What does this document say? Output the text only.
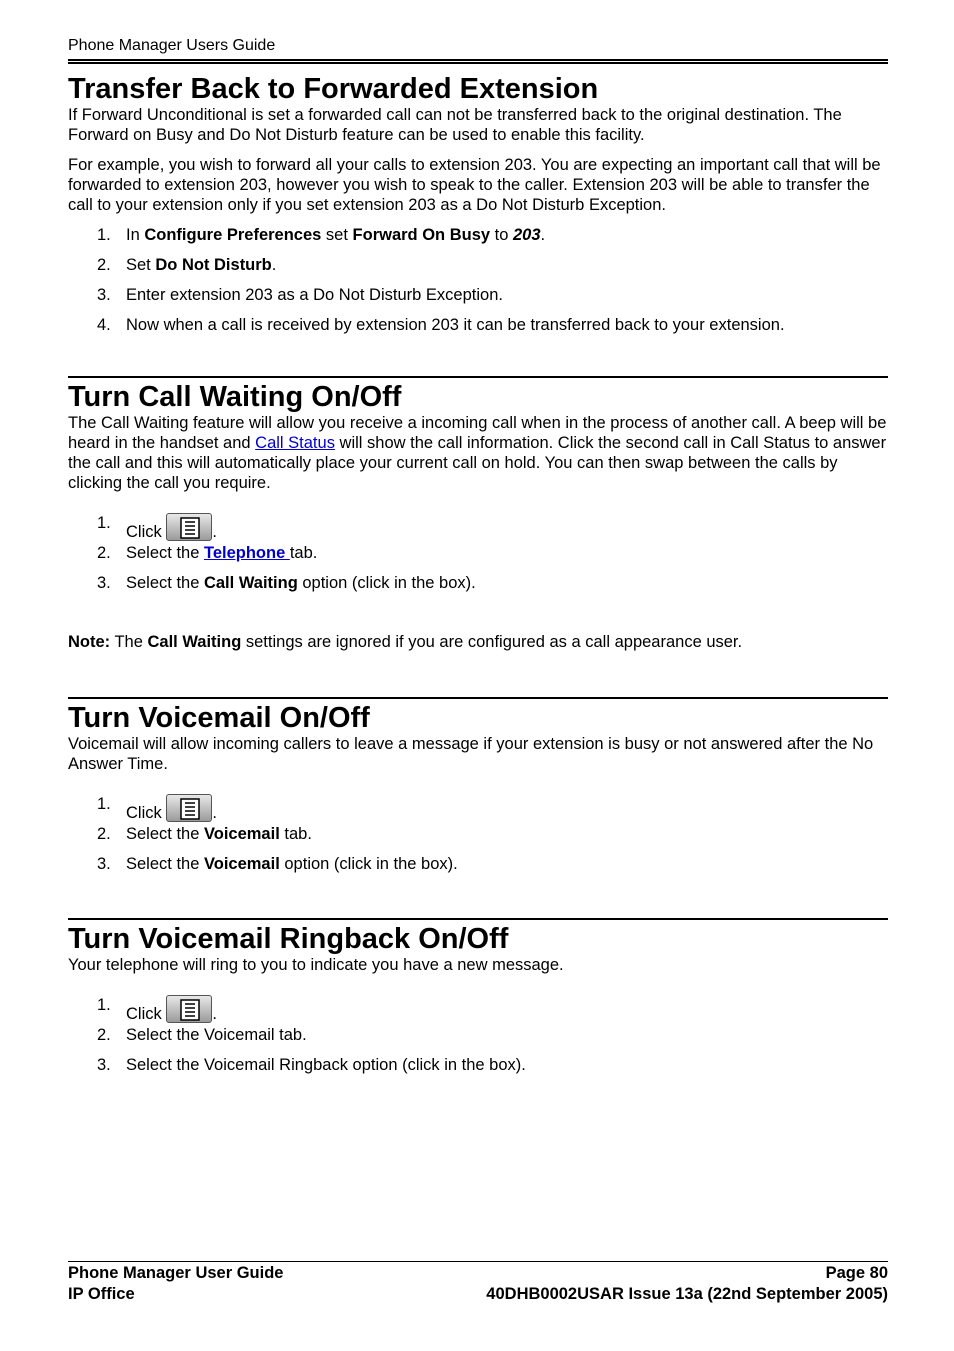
Phone Manager Users Guide
Transfer Back to Forwarded Extension

If Forward Unconditional is set a forwarded call can not be transferred back to the original destination. The Forward on Busy and Do Not Disturb feature can be used to enable this facility.

For example, you wish to forward all your calls to extension 203. You are expecting an important call that will be forwarded to extension 203, however you wish to speak to the caller. Extension 203 will be able to transfer the call to your extension only if you set extension 203 as a Do Not Disturb Exception.

1. In Configure Preferences set Forward On Busy to 203.
2. Set Do Not Disturb.
3. Enter extension 203 as a Do Not Disturb Exception.
4. Now when a call is received by extension 203 it can be transferred back to your extension.
Turn Call Waiting On/Off

The Call Waiting feature will allow you receive a incoming call when in the process of another call. A beep will be heard in the handset and Call Status will show the call information. Click the second call in Call Status to answer the call and this will automatically place your current call on hold. You can then swap between the calls by clicking the call you require.

1. Click	.
2. Select the Telephone tab.
3. Select the Call Waiting option (click in the box).

Note: The Call Waiting settings are ignored if you are configured as a call appearance user.

Turn Voicemail On/Off

Voicemail will allow incoming callers to leave a message if your extension is busy or not answered after the No Answer Time.

1. Click	.
2. Select the Voicemail tab.
3. Select the Voicemail option (click in the box).
Turn Voicemail Ringback On/Off

Your telephone will ring to you to indicate you have a new message.

1. Click	.
2. Select the Voicemail tab.
3. Select the Voicemail Ringback option (click in the box).
Phone Manager User Guide	Page 80
IP Office	40DHB0002USAR Issue 13a (22nd September 2005)
